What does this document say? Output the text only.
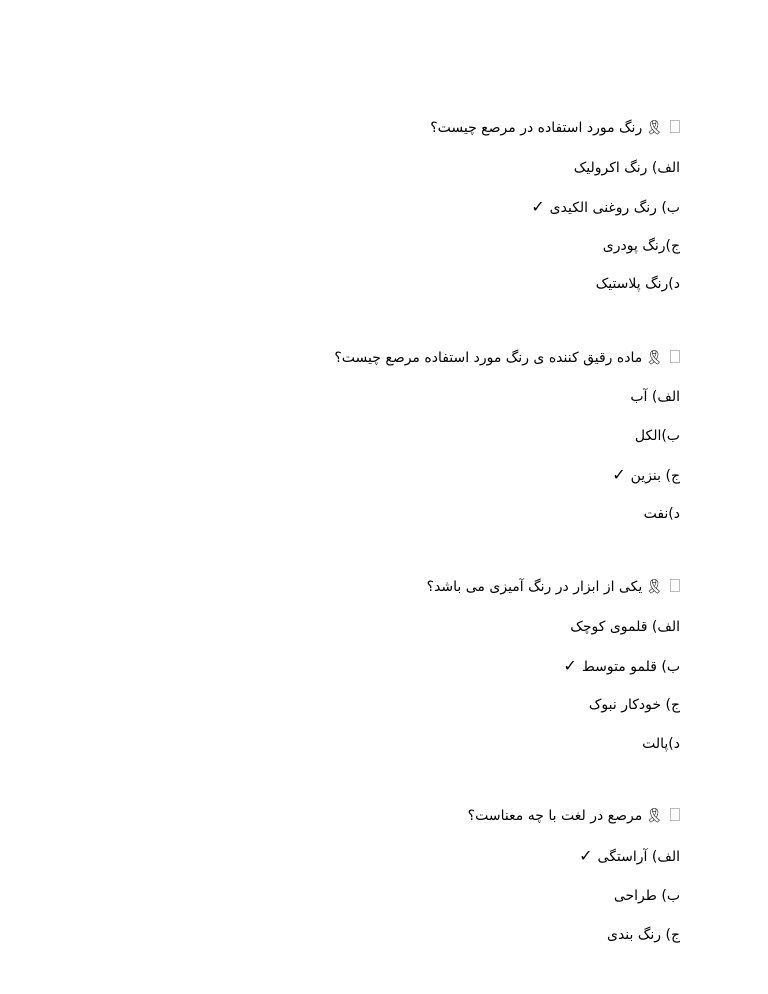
🎗رنگ مورد استفاده در مرصع چیست؟
الف) رنگ اکرولیک
ب) رنگ روغنی الکیدی✓
ج)رنگ پودری
د)رنگ پلاستیک
🎗ماده رقیق کننده ی رنگ مورد استفاده مرصع چیست؟
الف) آب
ب)الکل
ج) بنزین✓
د)نفت
🎗یکی از ابزار در رنگ آمیزی می باشد؟
الف) قلموی کوچک
ب) قلمو متوسط✓
ج) خودکار نبوک
د)پالت
🎗مرصع در لغت با چه معناست؟
الف) آراستگی✓
ب) طراحی
ج) رنگ بندی
